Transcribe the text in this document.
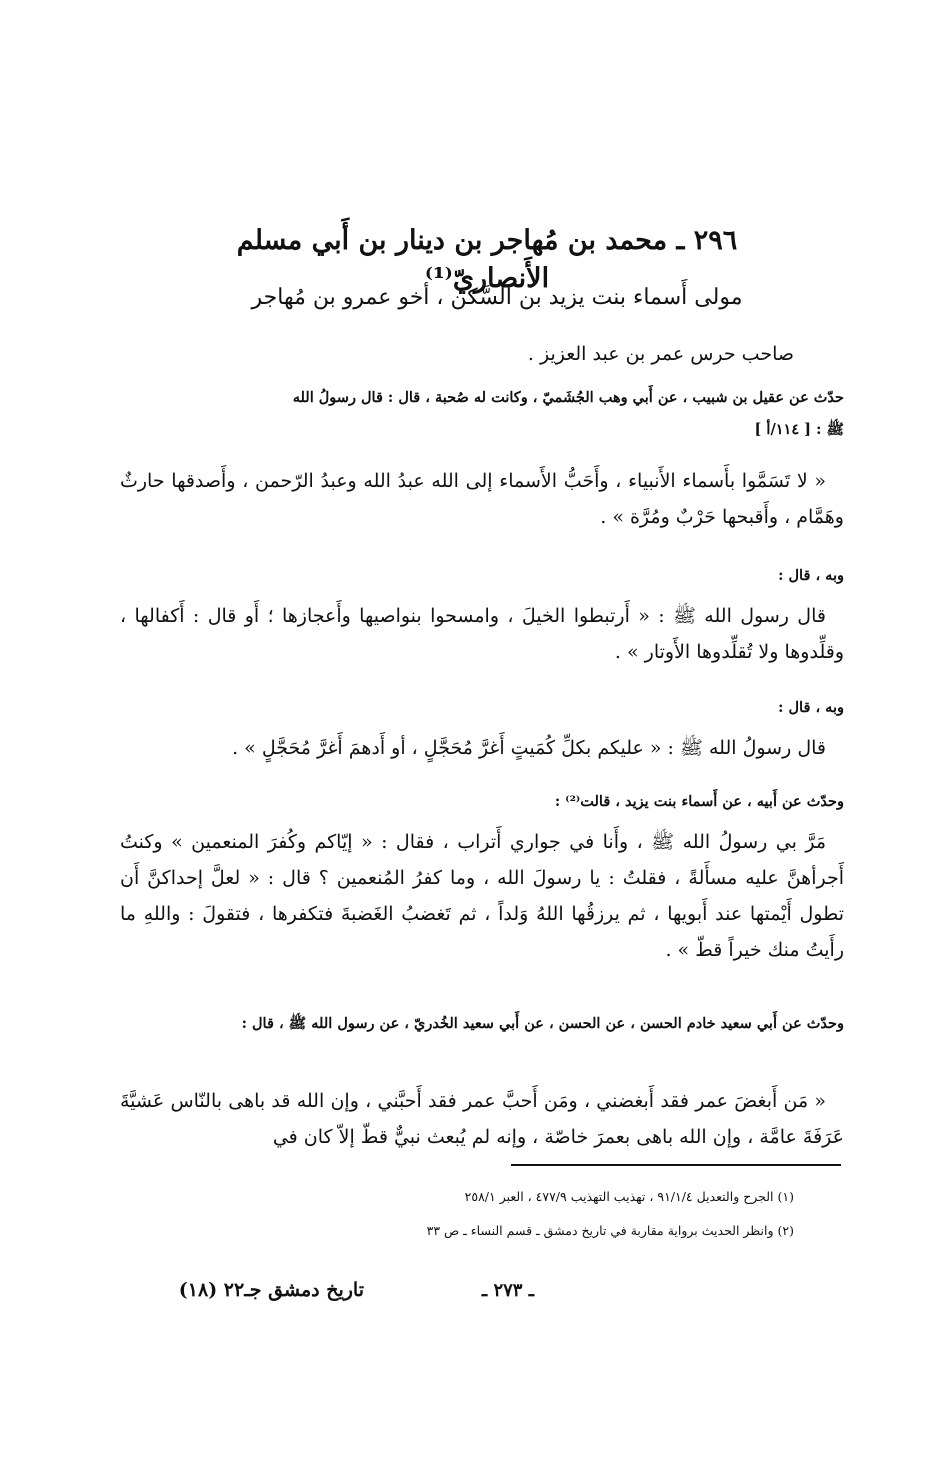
٢٩٦ ـ محمد بن مُهاجر بن دينار بن أَبي مسلم الأَنصاريّ⁽¹⁾
مولى أَسماء بنت يزيد بن السَّكن ، أخو عمرو بن مُهاجر
صاحب حرس عمر بن عبد العزيز .
حدّث عن عقيل بن شبيب ، عن أَبي وهب الجُشَميّ ، وكانت له صُحبة ، قال : قال رسولُ الله
ﷺ : [ ١١٤/أ ]
« لا تَسَمَّوا بأَسماء الأَنبياء ، وأَحَبُّ الأَسماء إلى الله عبدُ الله وعبدُ الرّحمن ، وأَصدقها حارثٌ وهَمَّام ، وأَقبحها حَرْبٌ ومُرَّة » .
وبه ، قال :
قال رسول الله ﷺ : « أَرتبطوا الخيلَ ، وامسحوا بنواصيها وأَعجازها ؛ أَو قال : أَكفالها ، وقلِّدوها ولا تُقلِّدوها الأَوتار » .
وبه ، قال :
قال رسولُ الله ﷺ : « عليكم بكلِّ كُمَيتٍ أَغرَّ مُحَجَّلٍ ، أو أَدهمَ أَغرَّ مُحَجَّلٍ » .
وحدّث عن أَبيه ، عن أَسماء بنت يزيد ، قالت⁽²⁾ :
مَرَّ بي رسولُ الله ﷺ ، وأَنا في جواري أَتراب ، فقال : « إيّاكم وكُفرَ المنعمين » وكنتُ أَجرأهنَّ عليه مسأَلةً ، فقلتُ : يا رسولَ الله ، وما كفرُ المُنعمين ؟ قال : « لعلَّ إحداكنَّ أَن تطول أَيْمتها عند أَبويها ، ثم يرزقُها اللهُ وَلداً ، ثم تَغضبُ الغَضبةَ فتكفرها ، فتقولَ : واللهِ ما رأَيتُ منك خيراً قطّ » .
وحدّث عن أَبي سعيد خادم الحسن ، عن الحسن ، عن أَبي سعيد الخُدريّ ، عن رسول الله ﷺ ، قال :
« مَن أَبغضَ عمر فقد أَبغضني ، ومَن أَحبَّ عمر فقد أَحبَّني ، وإن الله قد باهى بالنّاس عَشيَّةَ عَرَفَةَ عامَّة ، وإن الله باهى بعمرَ خاصّة ، وإنه لم يُبعث نبيٌّ قطّ إلاّ كان في
(١) الجرح والتعديل ٩١/١/٤ ، تهذيب التهذيب ٤٧٧/٩ ، العبر ٢٥٨/١
(٢) وانظر الحديث برواية مقاربة في تاريخ دمشق ـ قسم النساء ـ ص ٣٣
ـ ٢٧٣ ـ
تاريخ دمشق جـ٢٢ (١٨)
